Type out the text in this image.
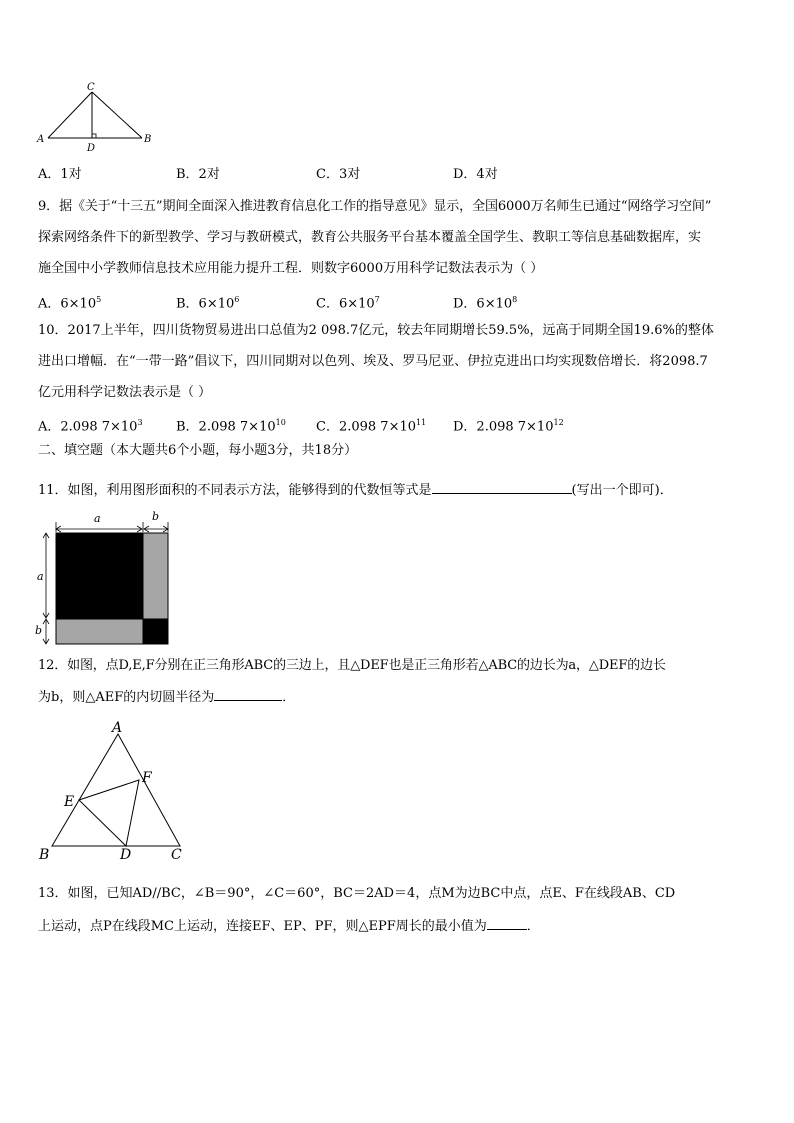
C
A	B
D
A．1对	B．2对	C．3对	D．4对
9．据《关于“十三五”期间全面深入推进教育信息化工作的指导意见》显示，全国6000万名师生已通过“网络学习空间”
探索网络条件下的新型教学、学习与教研模式，教育公共服务平台基本覆盖全国学生、教职工等信息基础数据库，实
施全国中小学教师信息技术应用能力提升工程．则数字6000万用科学记数法表示为（ ）
A．$6\times 10^5$	B．$6\times 10^6$	C．$6\times 10^7$	D．$6\times 10^8$
10．2017上半年，四川货物贸易进出口总值为2 098.7亿元，较去年同期增长59.5%，远高于同期全国19.6%的整体
进出口增幅．在“一带一路”倡议下，四川同期对以色列、埃及、罗马尼亚、伊拉克进出口均实现数倍增长．将2098.7
亿元用科学记数法表示是（ ）
A．2.098 $7\times 10^3$	B．2.098 $7\times 10^{10}$ C．2.098 $7\times 10^{11}$ D．2.098 $7\times 10^{12}$
二、填空题（本大题共6个小题，每小题3分，共18分）
11．如图，利用图形面积的不同表示方法，能够得到的代数恒等式是	(写出一个即可)．
a	b
a
b
12．如图，点D,E,F分别在正三角形ABC的三边上，且△DEF也是正三角形若△ABC的边长为a，△DEF的边长
为b，则△AEF的内切圆半径为	．
A
F
E
B	D	C
13．如图，已知AD//BC，∠B＝90°，∠C＝60°，BC＝2AD＝4，点M为边BC中点，点E、F在线段AB、CD
上运动，点P在线段MC上运动，连接EF、EP、PF，则△EPF周长的最小值为	．
